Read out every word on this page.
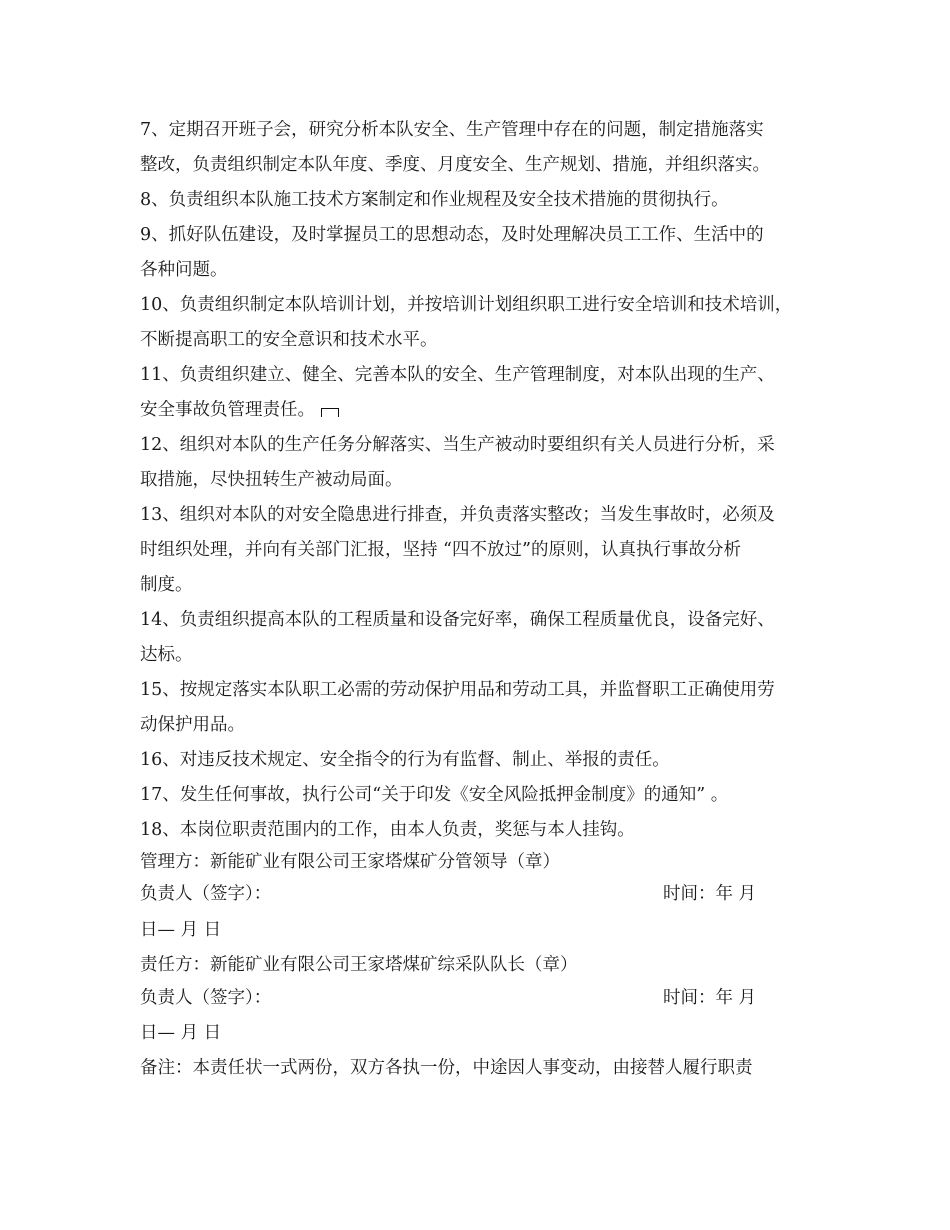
7、定期召开班子会，研究分析本队安全、生产管理中存在的问题，制定措施落实
整改，负责组织制定本队年度、季度、月度安全、生产规划、措施，并组织落实。
8、负责组织本队施工技术方案制定和作业规程及安全技术措施的贯彻执行。
9、抓好队伍建设，及时掌握员工的思想动态，及时处理解决员工工作、生活中的
各种问题。
10、负责组织制定本队培训计划，并按培训计划组织职工进行安全培训和技术培训，
不断提高职工的安全意识和技术水平。
11、负责组织建立、健全、完善本队的安全、生产管理制度，对本队出现的生产、
安全事故负管理责任。
12、组织对本队的生产任务分解落实、当生产被动时要组织有关人员进行分析，采
取措施，尽快扭转生产被动局面。
13、组织对本队的对安全隐患进行排查，并负责落实整改；当发生事故时，必须及
时组织处理，并向有关部门汇报，坚持 “四不放过”的原则，认真执行事故分析
制度。
14、负责组织提高本队的工程质量和设备完好率，确保工程质量优良，设备完好、
达标。
15、按规定落实本队职工必需的劳动保护用品和劳动工具，并监督职工正确使用劳
动保护用品。
16、对违反技术规定、安全指令的行为有监督、制止、举报的责任。
17、发生任何事故，执行公司“关于印发《安全风险抵押金制度》的通知” 。
18、本岗位职责范围内的工作，由本人负责，奖惩与本人挂钩。
管理方：新能矿业有限公司王家塔煤矿分管领导（章）
负责人（签字）：	时间：年 月
日— 月 日
责任方：新能矿业有限公司王家塔煤矿综采队队长（章）
负责人（签字）：	时间：年 月
日— 月 日
备注：本责任状一式两份，双方各执一份，中途因人事变动，由接替人履行职责
